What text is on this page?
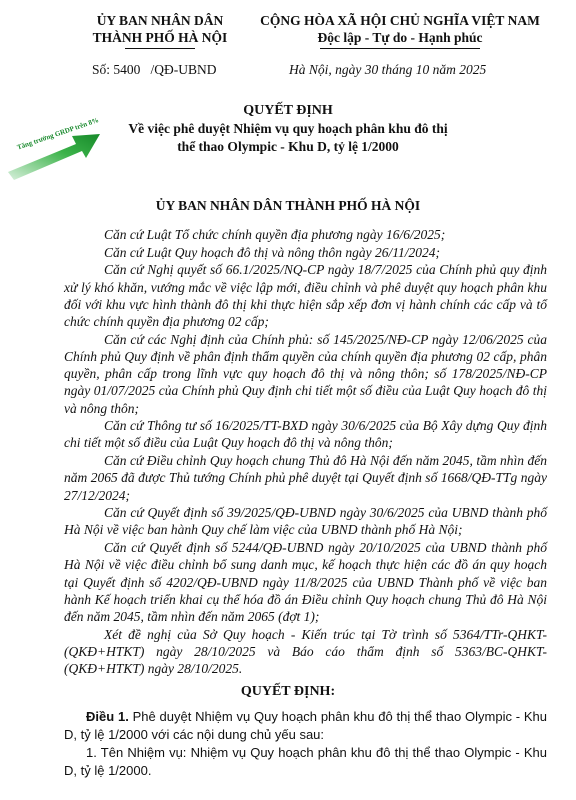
ỦY BAN NHÂN DÂN
THÀNH PHỐ HÀ NỘI
CỘNG HÒA XÃ HỘI CHỦ NGHĨA VIỆT NAM
Độc lập - Tự do - Hạnh phúc
Số: 5400   /QĐ-UBND	Hà Nội, ngày 30 tháng 10 năm 2025
QUYẾT ĐỊNH
Về việc phê duyệt Nhiệm vụ quy hoạch phân khu đô thị
thể thao Olympic - Khu D, tỷ lệ 1/2000
Tăng trưởng GRDP trên 8%
ỦY BAN NHÂN DÂN THÀNH PHỐ HÀ NỘI

Căn cứ Luật Tổ chức chính quyền địa phương ngày 16/6/2025;

Căn cứ Luật Quy hoạch đô thị và nông thôn ngày 26/11/2024;

Căn cứ Nghị quyết số 66.1/2025/NQ-CP ngày 18/7/2025 của Chính phủ quy định xử lý khó khăn, vướng mắc về việc lập mới, điều chỉnh và phê duyệt quy hoạch phân khu đối với khu vực hình thành đô thị khi thực hiện sắp xếp đơn vị hành chính các cấp và tổ chức chính quyền địa phương 02 cấp;

Căn cứ các Nghị định của Chính phủ: số 145/2025/NĐ-CP ngày 12/06/2025 của Chính phủ Quy định về phân định thẩm quyền của chính quyền địa phương 02 cấp, phân quyền, phân cấp trong lĩnh vực quy hoạch đô thị và nông thôn; số 178/2025/NĐ-CP ngày 01/07/2025 của Chính phủ Quy định chi tiết một số điều của Luật Quy hoạch đô thị và nông thôn;

Căn cứ Thông tư số 16/2025/TT-BXD ngày 30/6/2025 của Bộ Xây dựng Quy định chi tiết một số điều của Luật Quy hoạch đô thị và nông thôn;

Căn cứ Điều chỉnh Quy hoạch chung Thủ đô Hà Nội đến năm 2045, tầm nhìn đến năm 2065 đã được Thủ tướng Chính phủ phê duyệt tại Quyết định số 1668/QĐ-TTg ngày 27/12/2024;

Căn cứ Quyết định số 39/2025/QĐ-UBND ngày 30/6/2025 của UBND thành phố Hà Nội về việc ban hành Quy chế làm việc của UBND thành phố Hà Nội;

Căn cứ Quyết định số 5244/QĐ-UBND ngày 20/10/2025 của UBND thành phố Hà Nội về việc điều chỉnh bổ sung danh mục, kế hoạch thực hiện các đồ án quy hoạch tại Quyết định số 4202/QĐ-UBND ngày 11/8/2025 của UBND Thành phố về việc ban hành Kế hoạch triển khai cụ thể hóa đồ án Điều chỉnh Quy hoạch chung Thủ đô Hà Nội đến năm 2045, tầm nhìn đến năm 2065 (đợt 1);

Xét đề nghị của Sở Quy hoạch - Kiến trúc tại Tờ trình số 5364/TTr-QHKT-(QKĐ+HTKT) ngày 28/10/2025 và Báo cáo thẩm định số 5363/BC-QHKT-(QKĐ+HTKT) ngày 28/10/2025.

QUYẾT ĐỊNH:

Điều 1. Phê duyệt Nhiệm vụ Quy hoạch phân khu đô thị thể thao Olympic - Khu D, tỷ lệ 1/2000 với các nội dung chủ yếu sau:

1. Tên Nhiệm vụ: Nhiệm vụ Quy hoạch phân khu đô thị thể thao Olympic - Khu D, tỷ lệ 1/2000.
